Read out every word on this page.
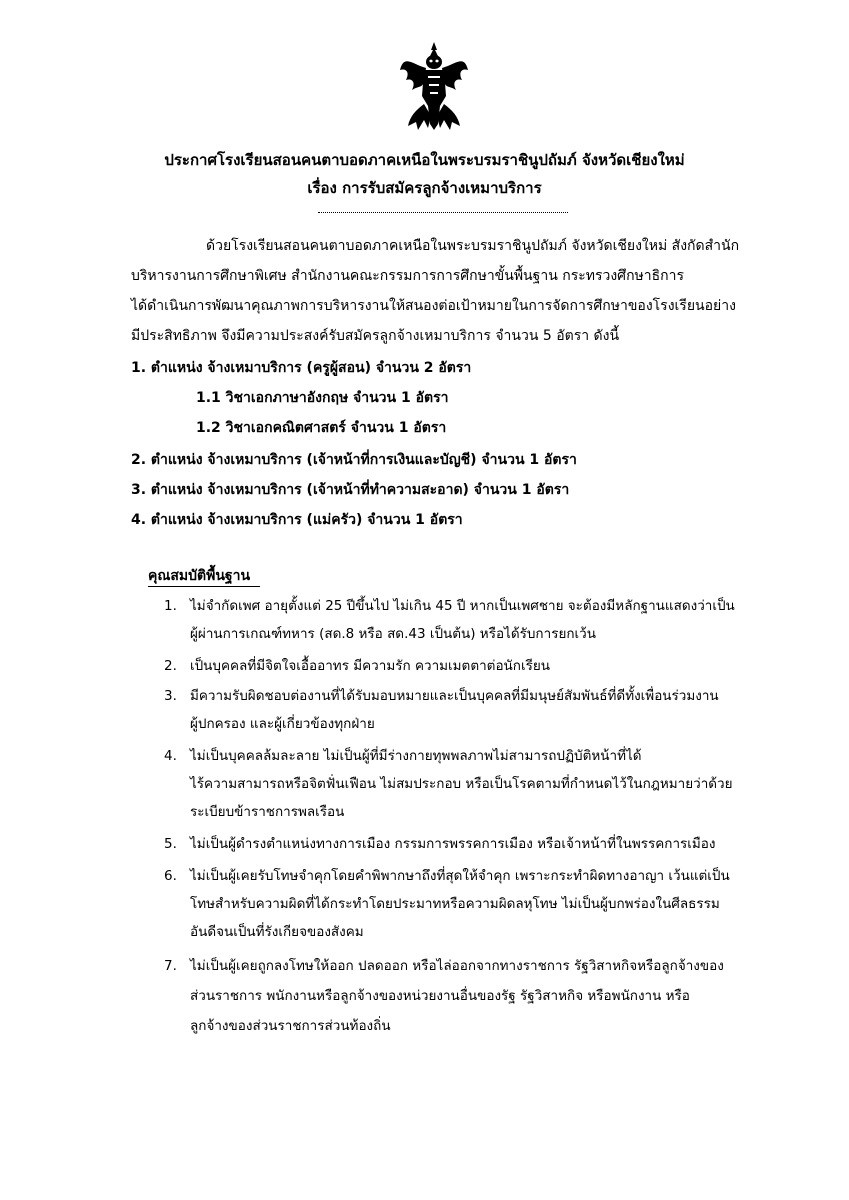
ประกาศโรงเรียนสอนคนตาบอดภาคเหนือในพระบรมราชินูปถัมภ์ จังหวัดเชียงใหม่
เรื่อง การรับสมัครลูกจ้างเหมาบริการ
ด้วยโรงเรียนสอนคนตาบอดภาคเหนือในพระบรมราชินูปถัมภ์ จังหวัดเชียงใหม่ สังกัดสำนัก
บริหารงานการศึกษาพิเศษ สำนักงานคณะกรรมการการศึกษาขั้นพื้นฐาน กระทรวงศึกษาธิการ
ได้ดำเนินการพัฒนาคุณภาพการบริหารงานให้สนองต่อเป้าหมายในการจัดการศึกษาของโรงเรียนอย่าง
มีประสิทธิภาพ จึงมีความประสงค์รับสมัครลูกจ้างเหมาบริการ จำนวน 5 อัตรา ดังนี้
1. ตำแหน่ง จ้างเหมาบริการ (ครูผู้สอน) จำนวน 2 อัตรา
1.1 วิชาเอกภาษาอังกฤษ จำนวน 1 อัตรา
1.2 วิชาเอกคณิตศาสตร์ จำนวน 1 อัตรา
2. ตำแหน่ง จ้างเหมาบริการ (เจ้าหน้าที่การเงินและบัญชี) จำนวน 1 อัตรา
3. ตำแหน่ง จ้างเหมาบริการ (เจ้าหน้าที่ทำความสะอาด) จำนวน 1 อัตรา
4. ตำแหน่ง จ้างเหมาบริการ (แม่ครัว) จำนวน 1 อัตรา
คุณสมบัติพื้นฐาน
1. ไม่จำกัดเพศ อายุตั้งแต่ 25 ปีขึ้นไป ไม่เกิน 45 ปี หากเป็นเพศชาย จะต้องมีหลักฐานแสดงว่าเป็น
ผู้ผ่านการเกณฑ์ทหาร (สด.8 หรือ สด.43 เป็นต้น) หรือได้รับการยกเว้น
2. เป็นบุคคลที่มีจิตใจเอื้ออาทร มีความรัก ความเมตตาต่อนักเรียน
3. มีความรับผิดชอบต่องานที่ได้รับมอบหมายและเป็นบุคคลที่มีมนุษย์สัมพันธ์ที่ดีทั้งเพื่อนร่วมงาน
ผู้ปกครอง และผู้เกี่ยวข้องทุกฝ่าย
4. ไม่เป็นบุคคลล้มละลาย ไม่เป็นผู้ที่มีร่างกายทุพพลภาพไม่สามารถปฏิบัติหน้าที่ได้
ไร้ความสามารถหรือจิตฟั่นเฟือน ไม่สมประกอบ หรือเป็นโรคตามที่กำหนดไว้ในกฎหมายว่าด้วย
ระเบียบข้าราชการพลเรือน
5. ไม่เป็นผู้ดำรงตำแหน่งทางการเมือง กรรมการพรรคการเมือง หรือเจ้าหน้าที่ในพรรคการเมือง
6. ไม่เป็นผู้เคยรับโทษจำคุกโดยคำพิพากษาถึงที่สุดให้จำคุก เพราะกระทำผิดทางอาญา เว้นแต่เป็น
โทษสำหรับความผิดที่ได้กระทำโดยประมาทหรือความผิดลหุโทษ ไม่เป็นผู้บกพร่องในศีลธรรม
อันดีจนเป็นที่รังเกียจของสังคม
7. ไม่เป็นผู้เคยถูกลงโทษให้ออก ปลดออก หรือไล่ออกจากทางราชการ รัฐวิสาหกิจหรือลูกจ้างของ
ส่วนราชการ พนักงานหรือลูกจ้างของหน่วยงานอื่นของรัฐ รัฐวิสาหกิจ หรือพนักงาน หรือ
ลูกจ้างของส่วนราชการส่วนท้องถิ่น
